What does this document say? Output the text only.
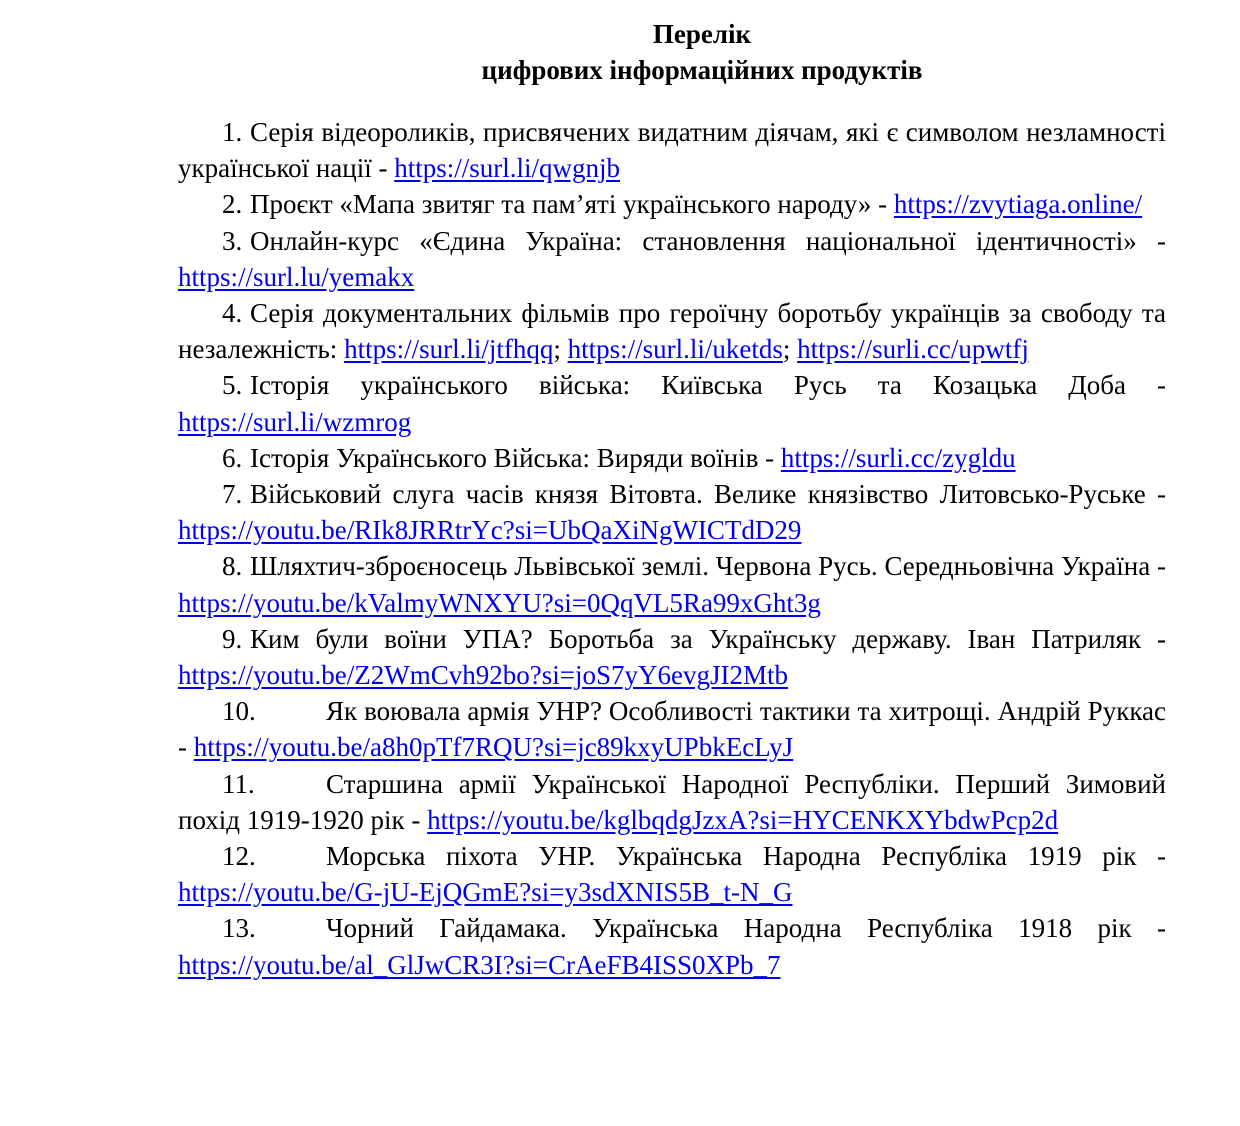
Перелік
цифрових інформаційних продуктів

1. Серія відеороликів, присвячених видатним діячам, які є символом незламності української нації - https://surl.li/qwgnjb

2. Проєкт «Мапа звитяг та пам’яті українського народу» - https://zvytiaga.online/

3. Онлайн-курс «Єдина Україна: становлення національної ідентичності» - https://surl.lu/yemakx

4. Серія документальних фільмів про героїчну боротьбу українців за свободу та незалежність: https://surl.li/jtfhqq; https://surl.li/uketds; https://surli.cc/upwtfj

5. Історія українського війська: Київська Русь та Козацька Доба - https://surl.li/wzmrog

6. Історія Українського Війська: Виряди воїнів - https://surli.cc/zygldu

7. Військовий слуга часів князя Вітовта. Велике князівство Литовсько-Руське - https://youtu.be/RIk8JRRtrYc?si=UbQaXiNgWICTdD29

8. Шляхтич-зброєносець Львівської землі. Червона Русь. Середньовічна Україна - https://youtu.be/kValmyWNXYU?si=0QqVL5Ra99xGht3g

9. Ким були воїни УПА? Боротьба за Українську державу. Іван Патриляк - https://youtu.be/Z2WmCvh92bo?si=joS7yY6evgJI2Mtb

10.	Як воювала армія УНР? Особливості тактики та хитрощі. Андрій Руккас - https://youtu.be/a8h0pTf7RQU?si=jc89kxyUPbkEcLyJ

11.	Старшина армії Української Народної Республіки. Перший Зимовий похід 1919-1920 рік - https://youtu.be/kglbqdgJzxA?si=HYCENKXYbdwPcp2d

12.	Морська піхота УНР. Українська Народна Республіка 1919 рік - https://youtu.be/G-jU-EjQGmE?si=y3sdXNIS5B_t-N_G

13.	Чорний Гайдамака. Українська Народна Республіка 1918 рік - https://youtu.be/al_GlJwCR3I?si=CrAeFB4ISS0XPb_7
